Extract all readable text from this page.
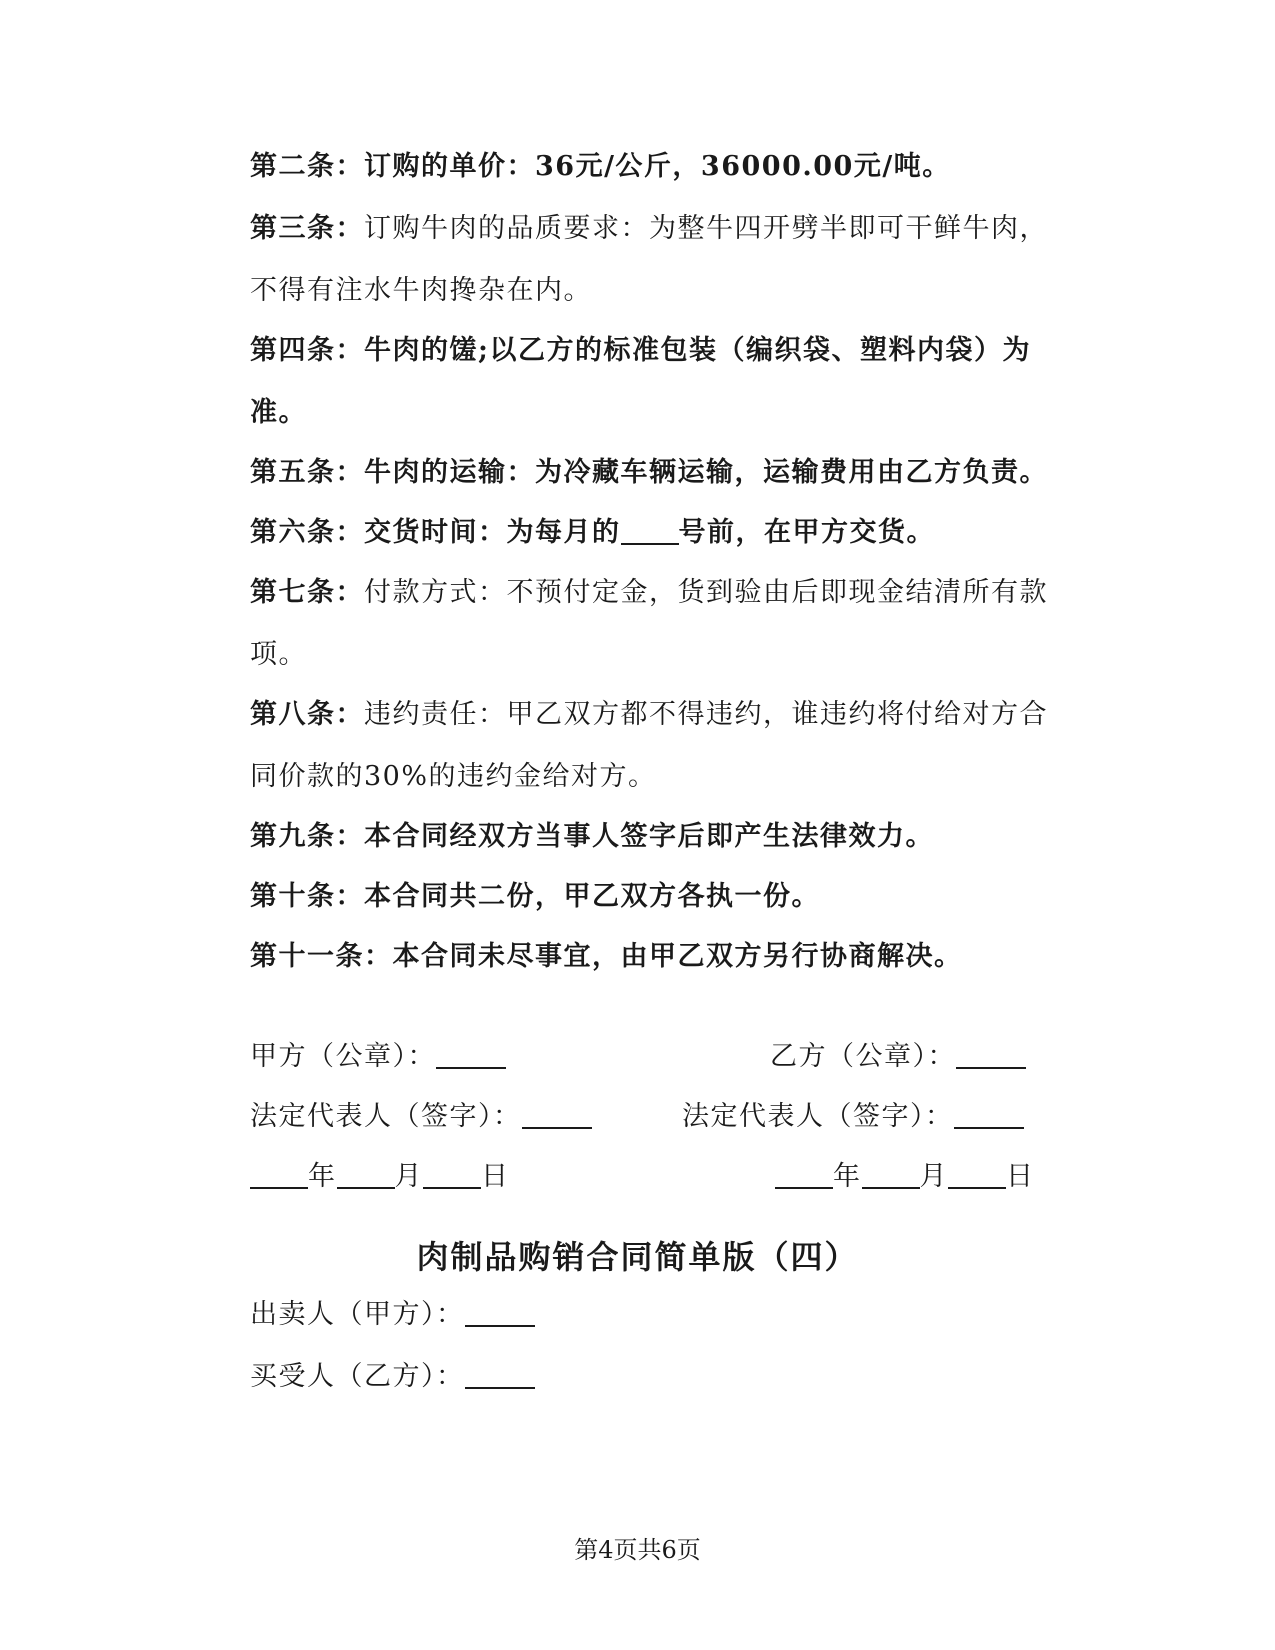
第二条：订购的单价：36元/公斤，36000.00元/吨。
第三条：订购牛肉的品质要求：为整牛四开劈半即可干鲜牛肉，不得有注水牛肉搀杂在内。
第四条：牛肉的馐;以乙方的标准包装（编织袋、塑料内袋）为准。
第五条：牛肉的运输：为冷藏车辆运输，运输费用由乙方负责。
第六条：交货时间：为每月的 号前，在甲方交货。
第七条：付款方式：不预付定金，货到验由后即现金结清所有款项。
第八条：违约责任：甲乙双方都不得违约，谁违约将付给对方合同价款的30%的违约金给对方。
第九条：本合同经双方当事人签字后即产生法律效力。
第十条：本合同共二份，甲乙双方各执一份。
第十一条：本合同未尽事宜，由甲乙双方另行协商解决。
甲方（公章）：	乙方（公章）：
法定代表人（签字）：	法定代表人（签字）：
年 月 日	年 月 日
肉制品购销合同简单版（四）
出卖人（甲方）：
买受人（乙方）：
第4页共6页
